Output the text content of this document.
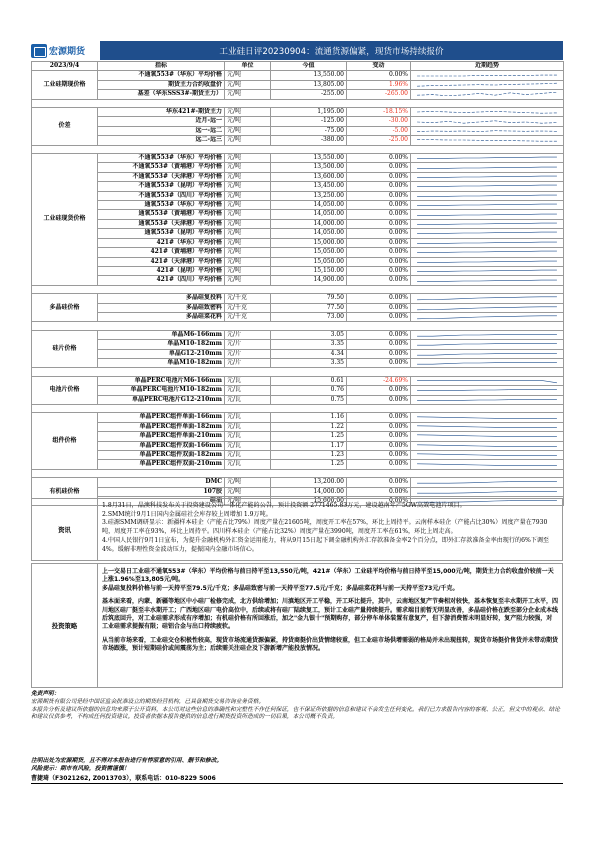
宏源期货	工业硅日评20230904：流通货源偏紧，现货市场持续报价
2023/9/4	指标	单位	今值	变动	近期趋势
工业硅期现价格	不通氧553#（华东）平均价格	元/吨	13,550.00	0.00%	

	期货主力合约收盘价	元/吨	13,805.00	1.96%	

	基差（华东SSS3#-期货主力）	元/吨	-255.00	-265.00	

价差	华东421#-期货主力	元/吨	1,195.00	-18.15%	

	近月-远一	元/吨	-125.00	-30.00	

	远一-远二	元/吨	-75.00	-5.00	

	远二-远三	元/吨	-380.00	-25.00	

工业硅现货价格	不通氧553#（华东）平均价格	元/吨	13,550.00	0.00%	

	不通氧553#（黄埔港）平均价格	元/吨	13,500.00	0.00%	

	不通氧553#（天津港）平均价格	元/吨	13,600.00	0.00%	

	不通氧553#（昆明）平均价格	元/吨	13,450.00	0.00%	

	不通氧553#（四川）平均价格	元/吨	13,250.00	0.00%	

	通氧553#（华东）平均价格	元/吨	14,050.00	0.00%	

	通氧553#（黄埔港）平均价格	元/吨	14,050.00	0.00%	

	通氧553#（天津港）平均价格	元/吨	14,000.00	0.00%	

	通氧553#（昆明）平均价格	元/吨	14,050.00	0.00%	

	421#（华东）平均价格	元/吨	15,000.00	0.00%	

	421#（黄埔港）平均价格	元/吨	15,050.00	0.00%	

	421#（天津港）平均价格	元/吨	15,050.00	0.00%	

	421#（昆明）平均价格	元/吨	15,150.00	0.00%	

	421#（四川）平均价格	元/吨	14,900.00	0.00%	

多晶硅价格	多晶硅复投料	元/千克	79.50	0.00%	

	多晶硅致密料	元/千克	77.50	0.00%	

	多晶硅菜花料	元/千克	73.00	0.00%	

硅片价格	单晶M6-166mm	元/片	3.05	0.00%	

	单晶M10-182mm	元/片	3.35	0.00%	

	单晶G12-210mm	元/片	4.34	0.00%	

	单晶M10-182mm	元/片	3.35	0.00%	

电池片价格	单晶PERC电池片M6-166mm	元/瓦	0.61	-24.69%	

	单晶PERC电池片M10-182mm	元/瓦	0.76	0.00%	

	单晶PERC电池片G12-210mm	元/瓦	0.75	0.00%	

组件价格	单晶PERC组件单面-166mm	元/瓦	1.16	0.00%	

	单晶PERC组件单面-182mm	元/瓦	1.22	0.00%	

	单晶PERC组件单面-210mm	元/瓦	1.25	0.00%	

	单晶PERC组件双面-166mm	元/瓦	1.17	0.00%	

	单晶PERC组件双面-182mm	元/瓦	1.23	0.00%	

	单晶PERC组件双面-210mm	元/瓦	1.25	0.00%	

有机硅价格	DMC	元/吨	13,200.00	0.00%	

	107胶	元/吨	14,000.00	0.00%	

	硅油	元/吨	15,600.00	0.00%	
资讯

1.8月31日，晶澳科技发布关于投资建设公司一体化产能的公告，预计投资额 2771465.83万元，建设越南年产5GW高效电池片项目。

2.SMM统计9月1日国内金属硅社会库存较上周增加 1.9万吨。

3.硅源SMM调研显示：新疆样本硅企（产能占比79%）周度产量在21605吨，周度开工率在57%，环比上周持平。云南样本硅企（产能占比30%）周度产量在7930吨，周度开工率在93%，环比上周持平。四川样本硅企（产能占比32%）周度产量在3990吨，周度开工率在61%，环比上周走高。

4.中国人民银行9月1日宣布，为提升金融机构外汇资金运用能力，将从9月15日起下调金融机构外汇存款准备金率2个百分点，即外汇存款准备金率由现行的6%下调至4%。缓解非理性资金波动压力，提振国内金融市场信心。

投资策略

上一交易日工业硅不通氧553#（华东）平均价格与前日持平至13,550元/吨，421#（华东）工业硅平均价格与前日持平至15,000元/吨，期货主力合约收盘价较前一天上涨1.96%至13,805元/吨。

多晶硅复投料价格与前一天持平至79.5元/千克；多晶硅致密与前一天持平至77.5元/千克；多晶硅菜花料与前一天持平至73元/千克。

基本面来看，内蒙、新疆等地区中小硅厂检修完成，北方供给增加；川滇地区开工平稳，开工环比提升，其中，云南地区复产节奏相对较快，基本恢复至丰水期开工水平，四川地区硅厂挺至丰水期开工；广西地区硅厂电价高位中，后续或将有硅厂陆续复工，预计工业硅产量持续提升。需求端目前暂无明显改善，多晶硅价格在跌至部分企业成本线后筑底回升，对工业硅需求形成有序增加；有机硅价格有所回涨后，加之"金九银十"预期购存，部分停车单体装置有意复产，但下游消费暂未明显好转，复产阻力较强，对工业硅需求提振有限；硅铝合金与出口持续疲软。

从当前市场来看，工业硅交仓积极性较高，现货市场流通货源偏紧，持货商挺价出货情绪较重，但工业硅市场供增需弱的格局并未出现扭转，现货市场挺价售货并未带动期货市场跟涨，预计短期硅价或间震荡为主；后续需关注硅企及下游新增产能投放情况。

免责声明：
宏源期货有限公司是经中国证监会批准设立的期货经营机构，已具备期货交易咨询业务资格。
本报告分析及建议所依据的信息均来源于公开资料，本公司对这些信息的准确性和完整性不作任何保证，也不保证所依据的信息和建议不会发生任何变化。我们已力求报告内容的客观、公正，但文中的观点、结论和建议仅供参考，不构成任何投资建议。投资者依据本报告提供的信息进行期货投资所造成的一切后果，本公司概不负责。
注明出处为宏源期货，且不得对本报告进行有悖原意的引用、删节和修改。
风险提示：期市有风险，投资需谨慎！
曹捷琦（F3021262, Z0013703），联系电话：010-8229 5006
